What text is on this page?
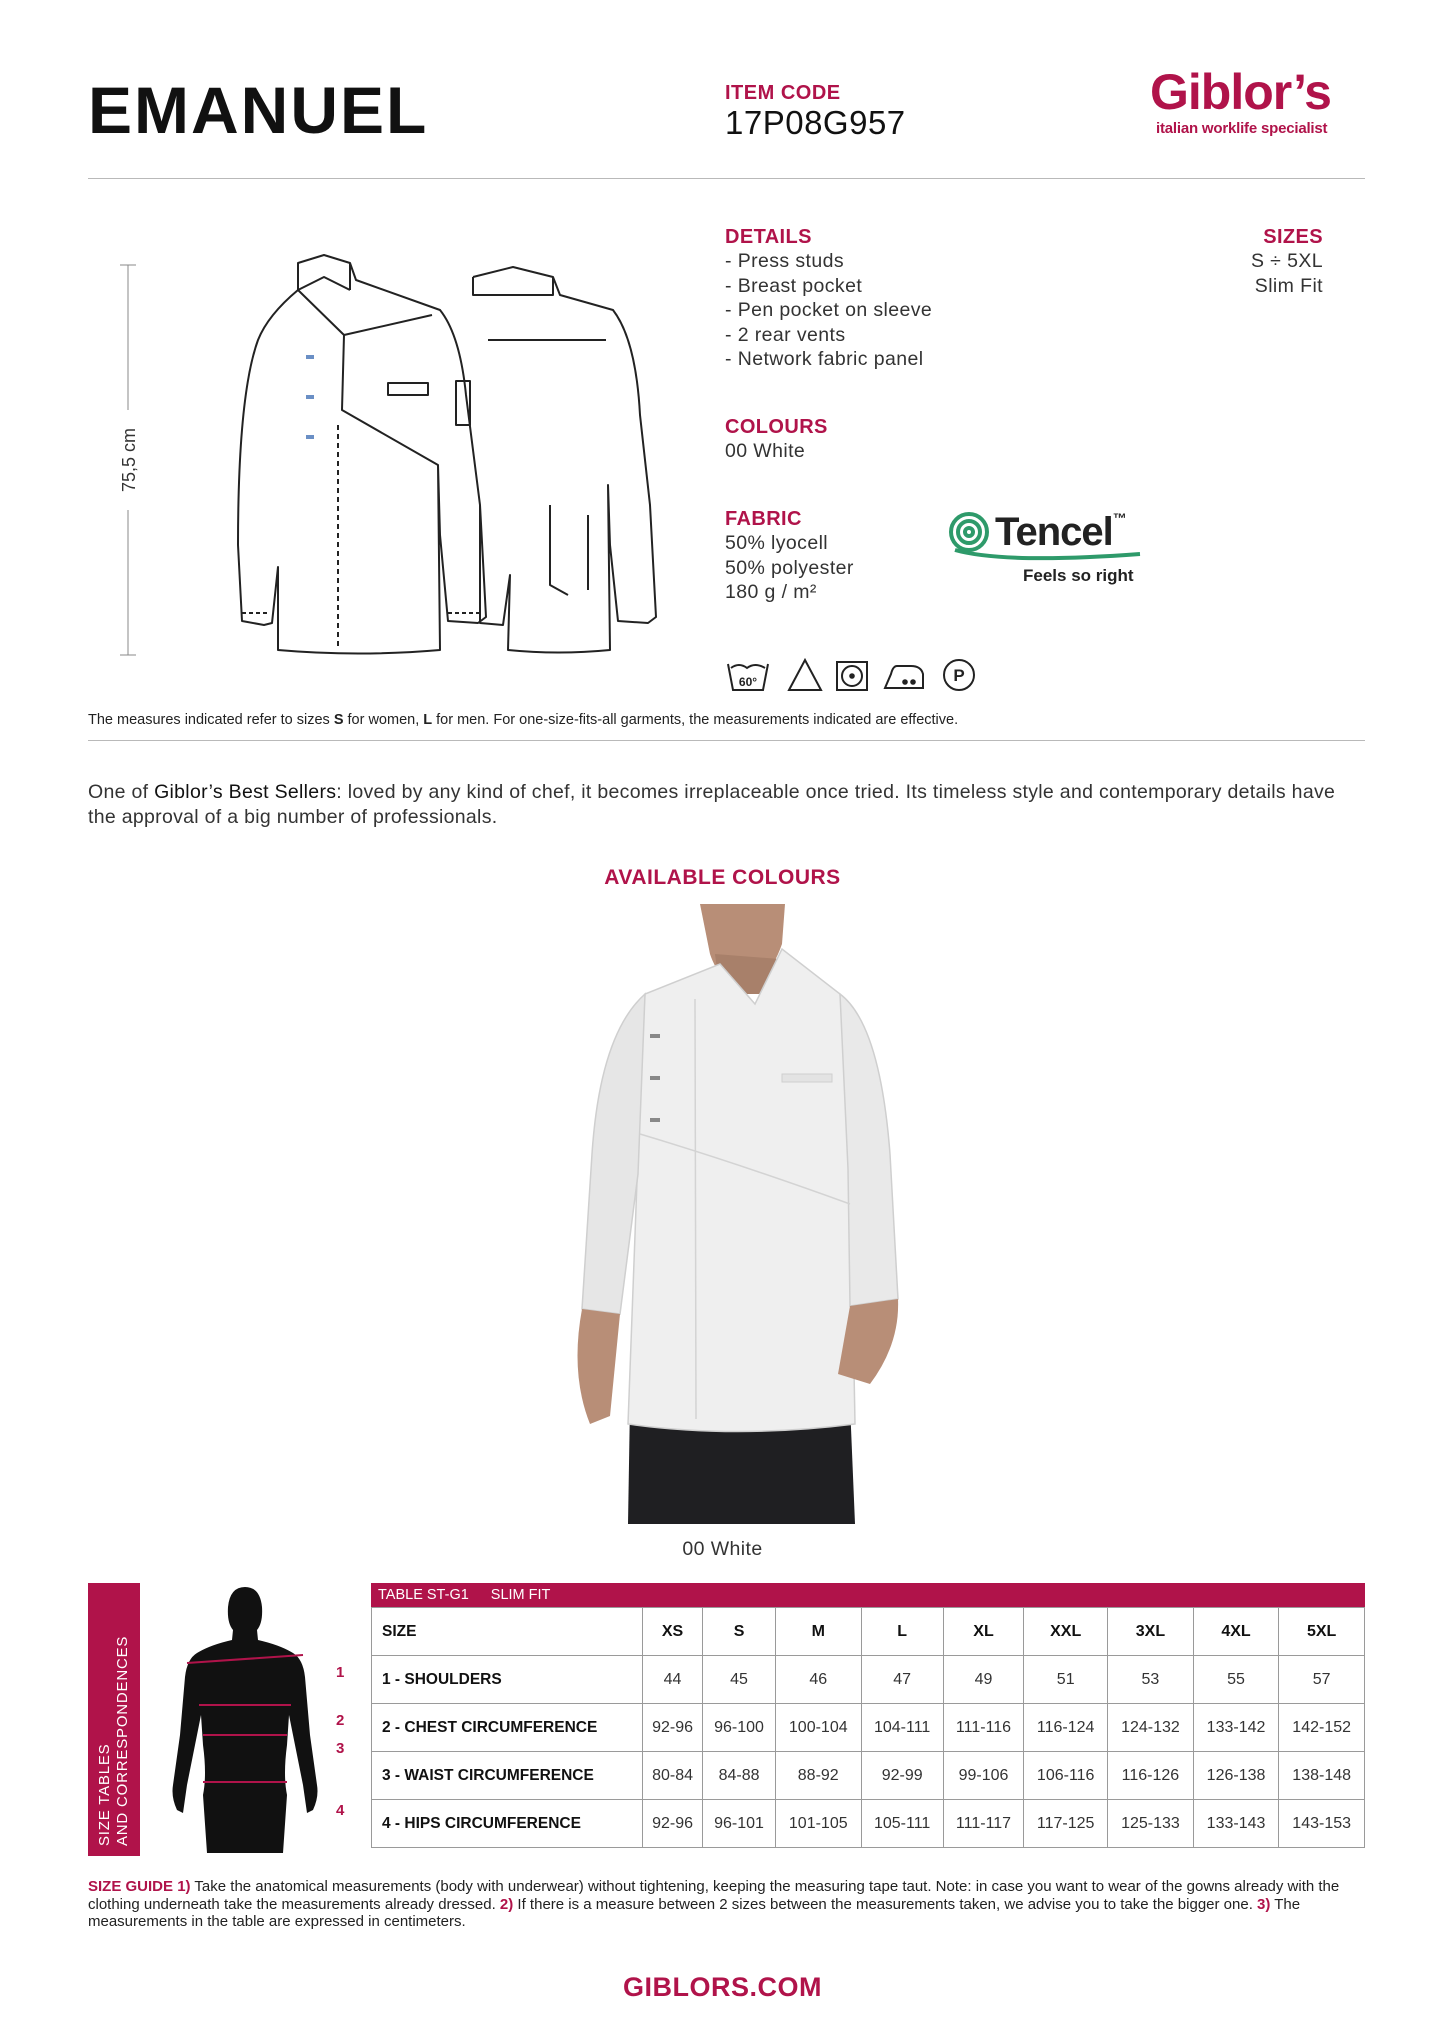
EMANUEL	ITEM CODE
17P08G957
Giblor’s
italian worklife specialist
75,5 cm
DETAILS
- Press studs
- Breast pocket
- Pen pocket on sleeve
- 2 rear vents
- Network fabric panel
SIZES
S ÷ 5XL
Slim Fit
COLOURS
00 White
FABRIC
50% lyocell
50% polyester
180 g / m²
Tencel™
Feels so right
60°	P
The measures indicated refer to sizes S for women, L for men. For one-size-fits-all garments, the measurements indicated are effective.
One of Giblor’s Best Sellers: loved by any kind of chef, it becomes irreplaceable once tried. Its timeless style and contemporary details have the approval of a big number of professionals.
AVAILABLE COLOURS
00 White
SIZE TABLES AND CORRESPONDENCES	1
2
3
4
TABLE ST-G1 SLIM FIT
SIZE	XS	S	M	L	XL	XXL	3XL	4XL	5XL
1 - SHOULDERS	44	45	46	47	49	51	53	55	57
2 - CHEST CIRCUMFERENCE	92-96	96-100	100-104	104-111	111-116	116-124	124-132	133-142	142-152
3 - WAIST CIRCUMFERENCE	80-84	84-88	88-92	92-99	99-106	106-116	116-126	126-138	138-148
4 - HIPS CIRCUMFERENCE	92-96	96-101	101-105	105-111	111-117	117-125	125-133	133-143	143-153
SIZE GUIDE 1) Take the anatomical measurements (body with underwear) without tightening, keeping the measuring tape taut. Note: in case you want to wear of the gowns already with the clothing underneath take the measurements already dressed. 2) If there is a measure between 2 sizes between the measurements taken, we advise you to take the bigger one. 3) The measurements in the table are expressed in centimeters.
GIBLORS.COM
